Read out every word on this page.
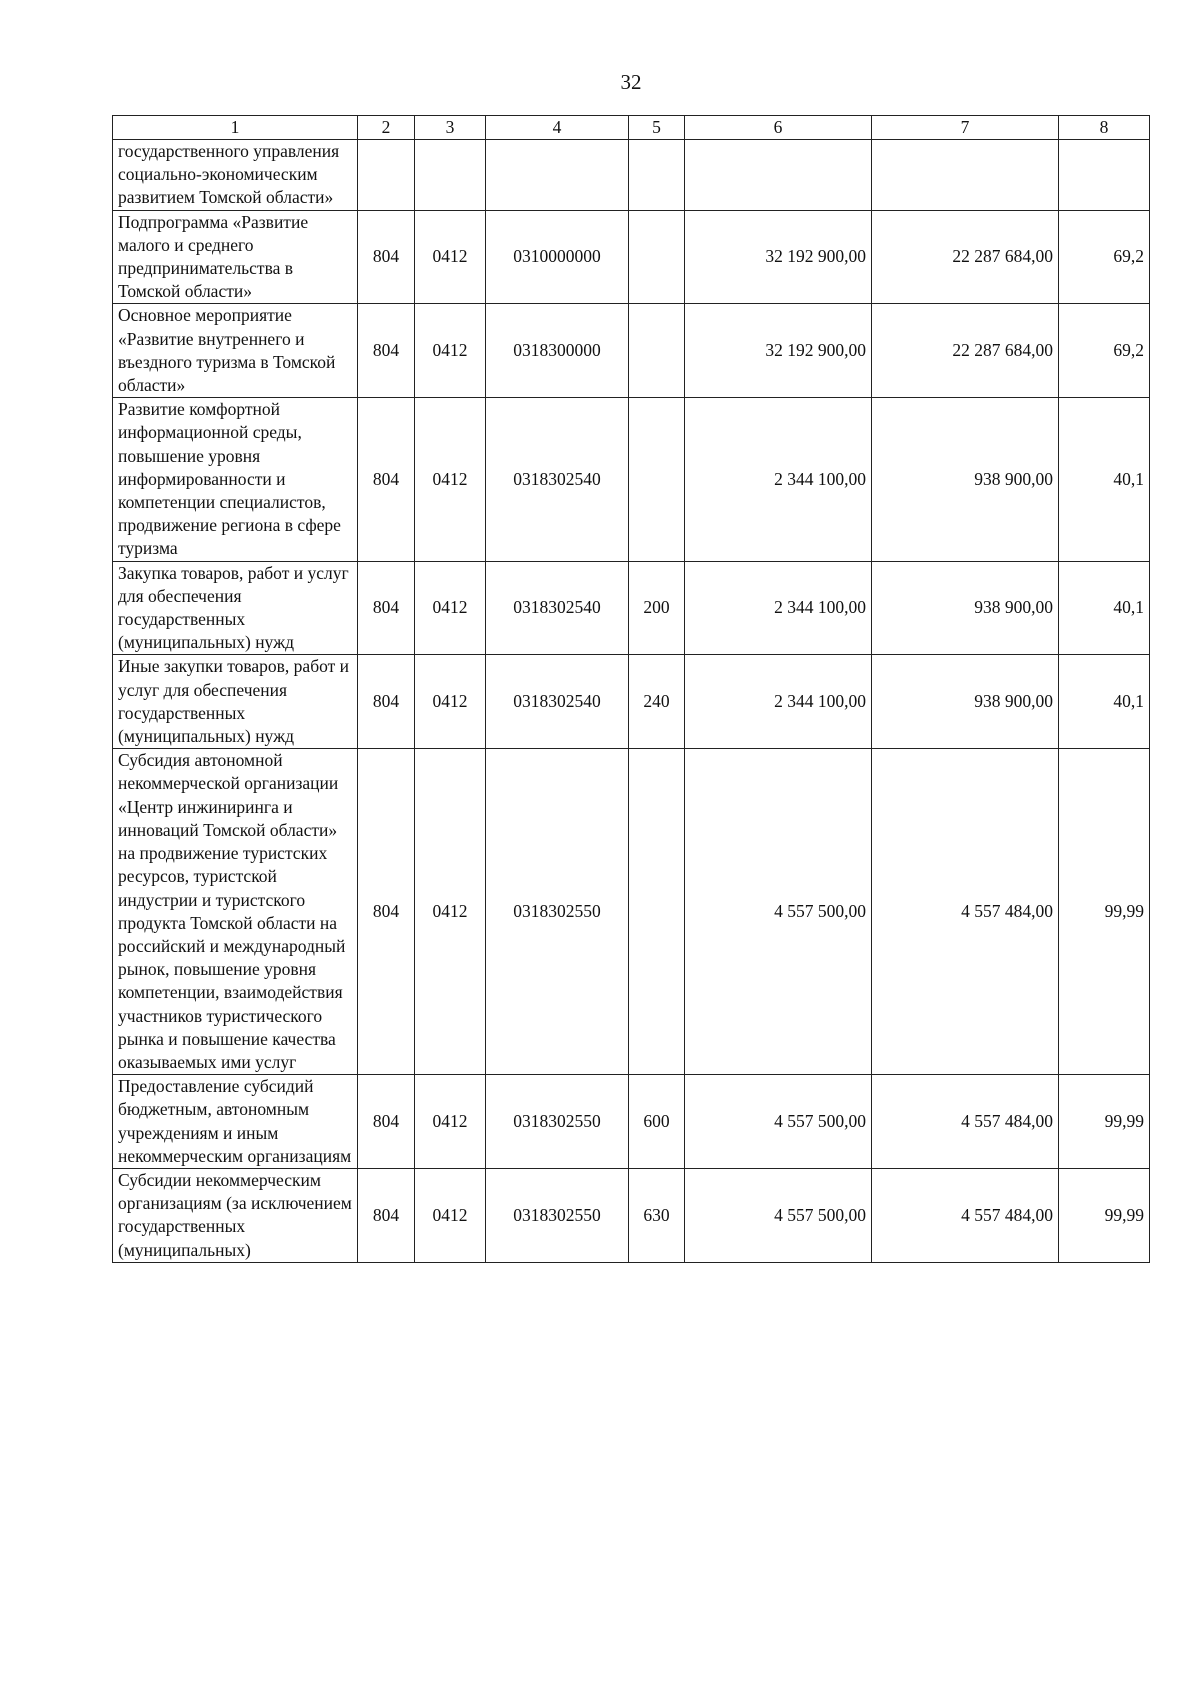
32
1	2	3	4	5	6	7	8
государственного управления социально-экономическим развитием Томской области»							
Подпрограмма «Развитие малого и среднего предпринимательства в Томской области»	804	0412	0310000000		32 192 900,00	22 287 684,00	69,2
Основное мероприятие «Развитие внутреннего и въездного туризма в Томской области»	804	0412	0318300000		32 192 900,00	22 287 684,00	69,2
Развитие комфортной информационной среды, повышение уровня информированности и компетенции специалистов, продвижение региона в сфере туризма	804	0412	0318302540		2 344 100,00	938 900,00	40,1
Закупка товаров, работ и услуг для обеспечения государственных (муниципальных) нужд	804	0412	0318302540	200	2 344 100,00	938 900,00	40,1
Иные закупки товаров, работ и услуг для обеспечения государственных (муниципальных) нужд	804	0412	0318302540	240	2 344 100,00	938 900,00	40,1
Субсидия автономной некоммерческой организации «Центр инжиниринга и инноваций Томской области» на продвижение туристских ресурсов, туристской индустрии и туристского продукта Томской области на российский и международный рынок, повышение уровня компетенции, взаимодействия участников туристического рынка и повышение качества оказываемых ими услуг	804	0412	0318302550		4 557 500,00	4 557 484,00	99,99
Предоставление субсидий бюджетным, автономным учреждениям и иным некоммерческим организациям	804	0412	0318302550	600	4 557 500,00	4 557 484,00	99,99
Субсидии некоммерческим организациям (за исключением государственных (муниципальных)	804	0412	0318302550	630	4 557 500,00	4 557 484,00	99,99
